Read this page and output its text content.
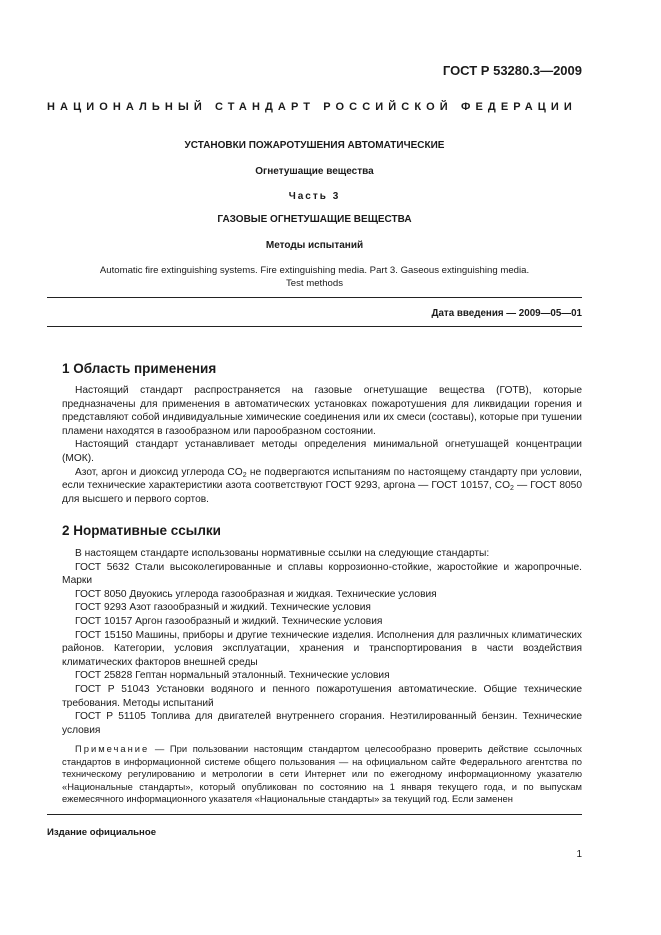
ГОСТ Р 53280.3—2009
НАЦИОНАЛЬНЫЙ СТАНДАРТ РОССИЙСКОЙ ФЕДЕРАЦИИ
УСТАНОВКИ ПОЖАРОТУШЕНИЯ АВТОМАТИЧЕСКИЕ
Огнетушащие вещества
Часть 3
ГАЗОВЫЕ ОГНЕТУШАЩИЕ ВЕЩЕСТВА
Методы испытаний
Automatic fire extinguishing systems. Fire extinguishing media. Part 3. Gaseous extinguishing media.
Test methods
Дата введения — 2009—05—01
1 Область применения

Настоящий стандарт распространяется на газовые огнетушащие вещества (ГОТВ), которые предназначены для применения в автоматических установках пожаротушения для ликвидации горения и представляют собой индивидуальные химические соединения или их смеси (составы), которые при тушении пламени находятся в газообразном или парообразном состоянии.

Настоящий стандарт устанавливает методы определения минимальной огнетушащей концентрации (МОК).

Азот, аргон и диоксид углерода $CO_2$ не подвергаются испытаниям по настоящему стандарту при условии, если технические характеристики азота соответствуют ГОСТ 9293, аргона — ГОСТ 10157, $CO_2$ — ГОСТ 8050 для высшего и первого сортов.

2 Нормативные ссылки
В настоящем стандарте использованы нормативные ссылки на следующие стандарты:
ГОСТ 5632 Стали высоколегированные и сплавы коррозионно-стойкие, жаростойкие и жаропрочные. Марки
ГОСТ 8050 Двуокись углерода газообразная и жидкая. Технические условия
ГОСТ 9293 Азот газообразный и жидкий. Технические условия
ГОСТ 10157 Аргон газообразный и жидкий. Технические условия
ГОСТ 15150 Машины, приборы и другие технические изделия. Исполнения для различных климатических районов. Категории, условия эксплуатации, хранения и транспортирования в части воздействия климатических факторов внешней среды
ГОСТ 25828 Гептан нормальный эталонный. Технические условия
ГОСТ Р 51043 Установки водяного и пенного пожаротушения автоматические. Общие технические требования. Методы испытаний
ГОСТ Р 51105 Топлива для двигателей внутреннего сгорания. Неэтилированный бензин. Технические условия
Примечание — При пользовании настоящим стандартом целесообразно проверить действие ссылочных стандартов в информационной системе общего пользования — на официальном сайте Федерального агентства по техническому регулированию и метрологии в сети Интернет или по ежегодному информационному указателю «Национальные стандарты», который опубликован по состоянию на 1 января текущего года, и по выпускам ежемесячного информационного указателя «Национальные стандарты» за текущий год. Если заменен
Издание официальное
1
